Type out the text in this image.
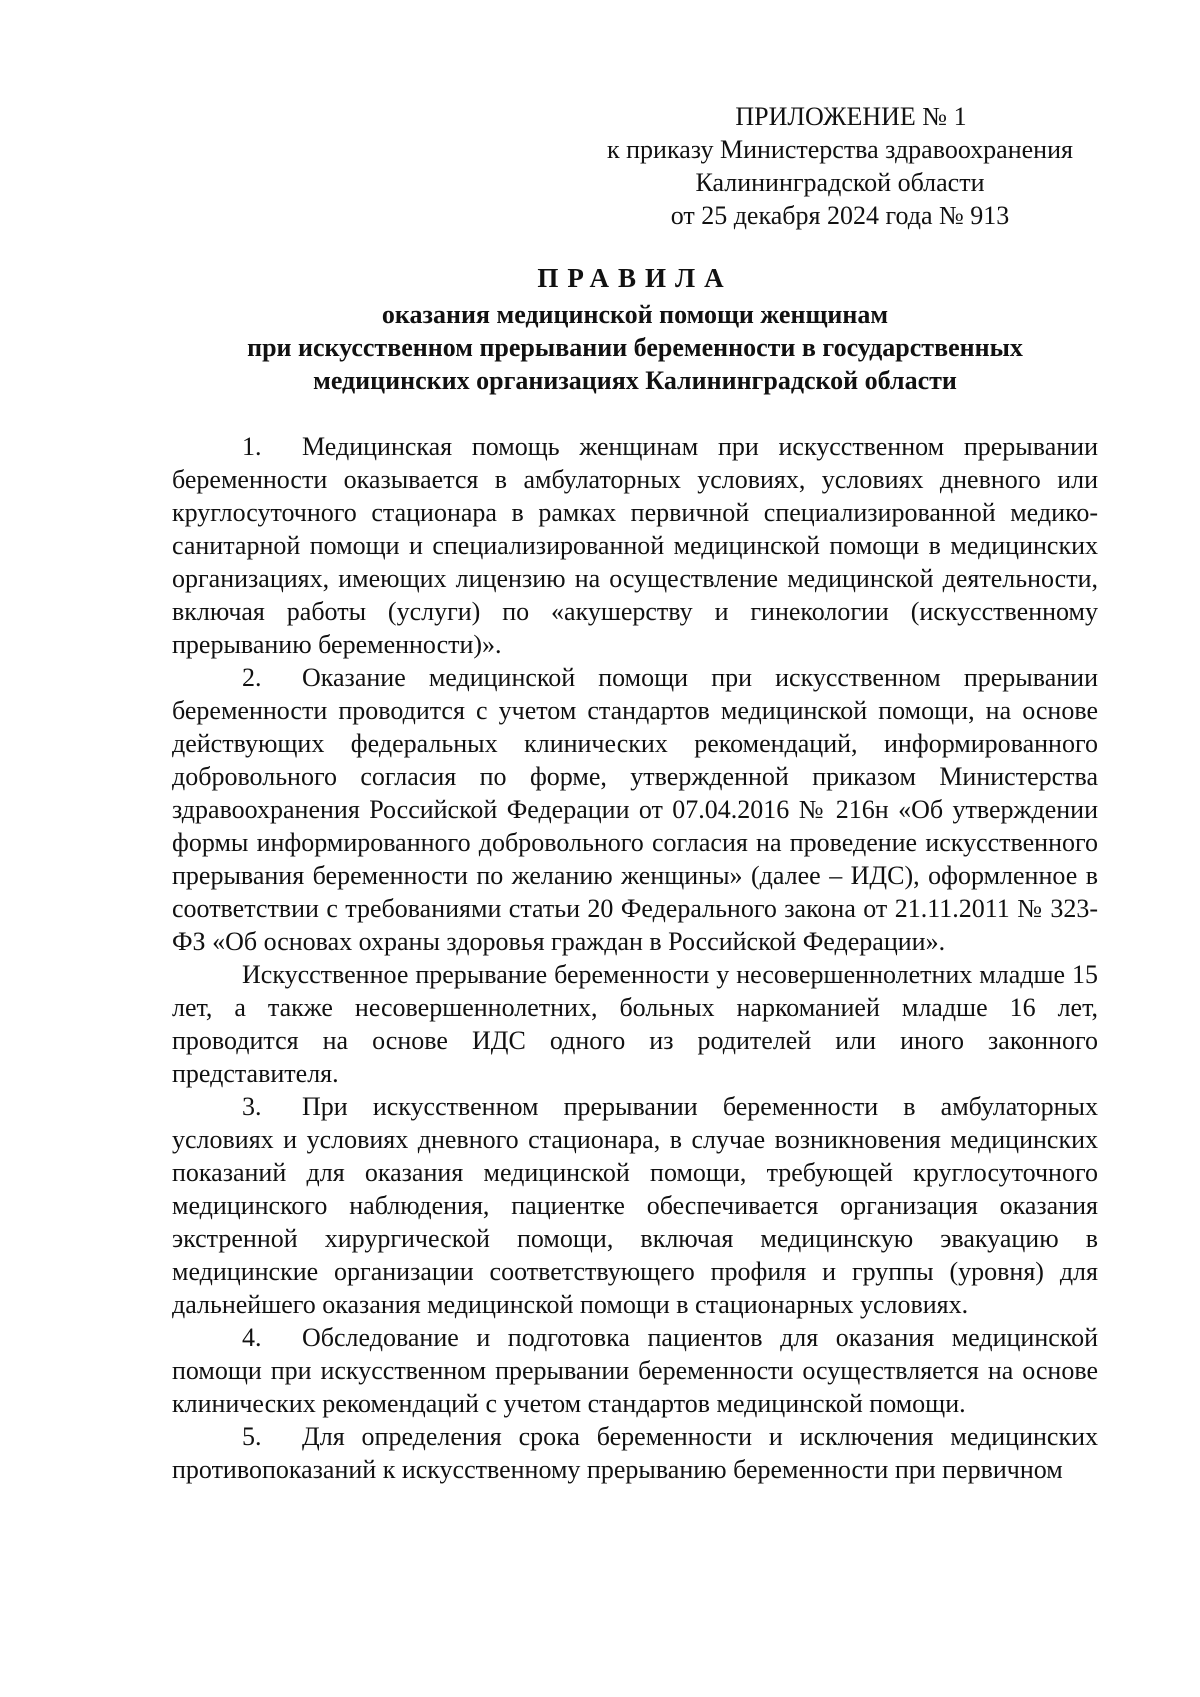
ПРИЛОЖЕНИЕ № 1
к приказу Министерства здравоохранения
Калининградской области
от 25 декабря 2024 года № 913
ПРАВИЛА
оказания медицинской помощи женщинам
при искусственном прерывании беременности в государственных
медицинских организациях Калининградской области

1. Медицинская помощь женщинам при искусственном прерывании беременности оказывается в амбулаторных условиях, условиях дневного или круглосуточного стационара в рамках первичной специализированной медико-санитарной помощи и специализированной медицинской помощи в медицинских организациях, имеющих лицензию на осуществление медицинской деятельности, включая работы (услуги) по «акушерству и гинекологии (искусственному прерыванию беременности)».

2. Оказание медицинской помощи при искусственном прерывании беременности проводится с учетом стандартов медицинской помощи, на основе действующих федеральных клинических рекомендаций, информированного добровольного согласия по форме, утвержденной приказом Министерства здравоохранения Российской Федерации от 07.04.2016 № 216н «Об утверждении формы информированного добровольного согласия на проведение искусственного прерывания беременности по желанию женщины» (далее – ИДС), оформленное в соответствии с требованиями статьи 20 Федерального закона от 21.11.2011 № 323-ФЗ «Об основах охраны здоровья граждан в Российской Федерации».

Искусственное прерывание беременности у несовершеннолетних младше 15 лет, а также несовершеннолетних, больных наркоманией младше 16 лет, проводится на основе ИДС одного из родителей или иного законного представителя.

3. При искусственном прерывании беременности в амбулаторных условиях и условиях дневного стационара, в случае возникновения медицинских показаний для оказания медицинской помощи, требующей круглосуточного медицинского наблюдения, пациентке обеспечивается организация оказания экстренной хирургической помощи, включая медицинскую эвакуацию в медицинские организации соответствующего профиля и группы (уровня) для дальнейшего оказания медицинской помощи в стационарных условиях.

4. Обследование и подготовка пациентов для оказания медицинской помощи при искусственном прерывании беременности осуществляется на основе клинических рекомендаций с учетом стандартов медицинской помощи.

5. Для определения срока беременности и исключения медицинских противопоказаний к искусственному прерыванию беременности при первичном
